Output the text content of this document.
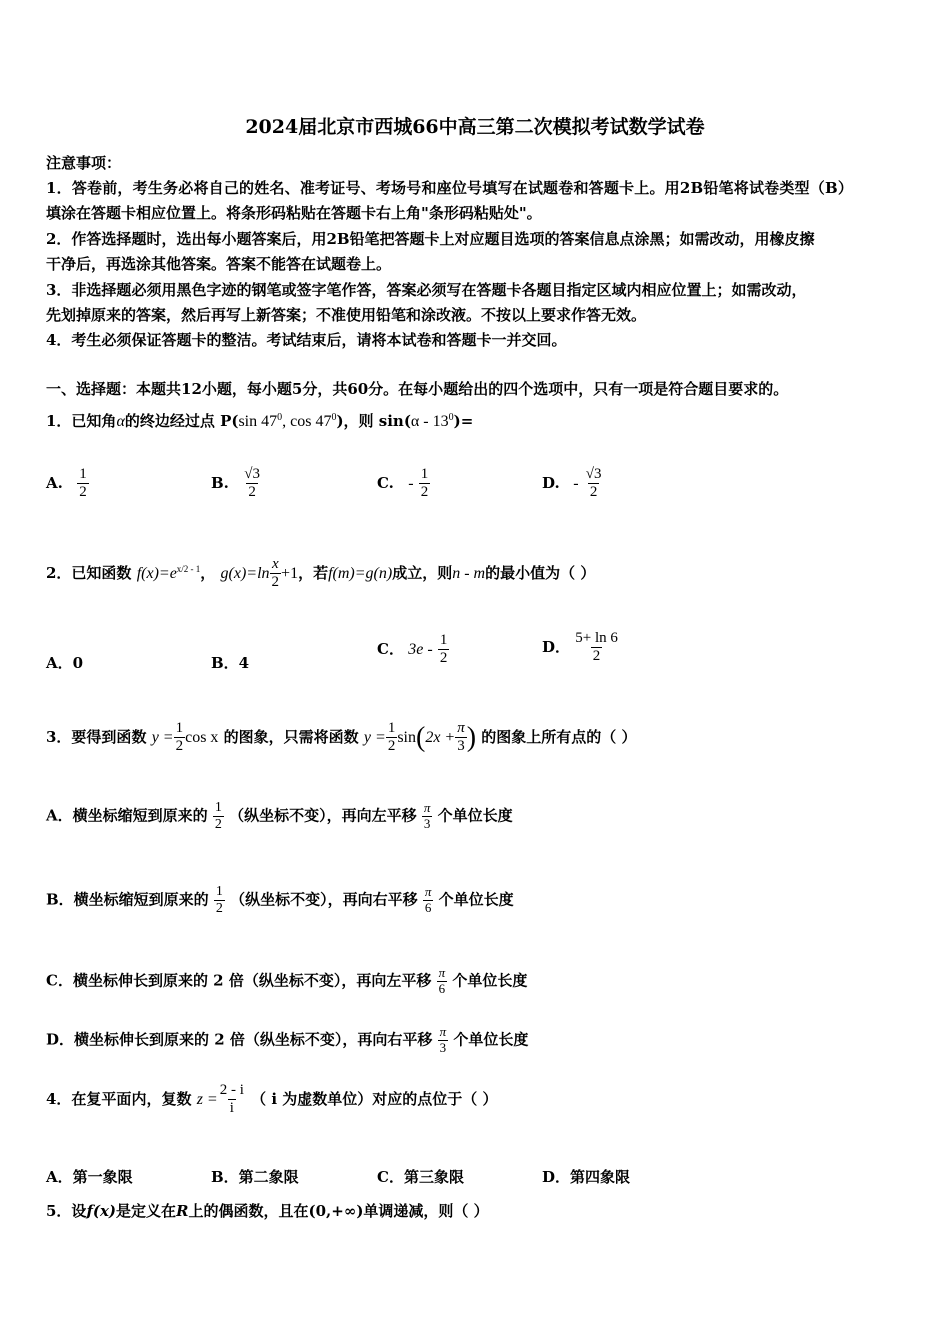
2024届北京市西城66中高三第二次模拟考试数学试卷
注意事项：
1．答卷前，考生务必将自己的姓名、准考证号、考场号和座位号填写在试题卷和答题卡上。用2B铅笔将试卷类型（B）
填涂在答题卡相应位置上。将条形码粘贴在答题卡右上角"条形码粘贴处"。
2．作答选择题时，选出每小题答案后，用2B铅笔把答题卡上对应题目选项的答案信息点涂黑；如需改动，用橡皮擦
干净后，再选涂其他答案。答案不能答在试题卷上。
3．非选择题必须用黑色字迹的钢笔或签字笔作答，答案必须写在答题卡各题目指定区域内相应位置上；如需改动，
先划掉原来的答案，然后再写上新答案；不准使用铅笔和涂改液。不按以上要求作答无效。
4．考生必须保证答题卡的整洁。考试结束后，请将本试卷和答题卡一并交回。
一、选择题：本题共12小题，每小题5分，共60分。在每小题给出的四个选项中，只有一项是符合题目要求的。
1．已知角α的终边经过点 P(sin $47^0$, $\cos 47^0$)，则 $\sin(\alpha - 13^0)=$
A. $\frac{1}{2}$	B. $\frac{√3}{2}$	C. - $\frac{1}{2}$	D. - $\frac{√3}{2}$
2．已知函数 $f(x)=e^{x/2 - 1}$， $g(x)=\ln \frac{x}{2} +1$，若f(m)=g(n)成立，则n - m的最小值为（ ）
A．0	B．4
C． $3e - \frac{1}{2}$	D． $\frac{5+ \ln 6}{2}$
3．要得到函数 $y = \frac{1}{2}$ cos x 的图象，只需将函数 $y = \frac{1}{2} \sin(2x + \frac{\pi}{3}$ ) 的图象上所有点的（ ）
A．横坐标缩短到原来的 $\frac{1}{2}$ （纵坐标不变），再向左平移 $\frac{\pi}{3}$ 个单位长度
B．横坐标缩短到原来的 $\frac{1}{2}$ （纵坐标不变），再向右平移 $\frac{\pi}{6}$ 个单位长度
C．横坐标伸长到原来的 2 倍（纵坐标不变），再向左平移 $\frac{\pi}{6}$ 个单位长度
D．横坐标伸长到原来的 2 倍（纵坐标不变），再向右平移 $\frac{\pi}{3}$ 个单位长度
4．在复平面内，复数 $z = \frac{2 - i}{i}$ （ i 为虚数单位）对应的点位于（ ）
A．第一象限	B．第二象限	C．第三象限	D．第四象限
5．设f(x)是定义在R上的偶函数，且在(0,+∞)单调递减，则（ ）
